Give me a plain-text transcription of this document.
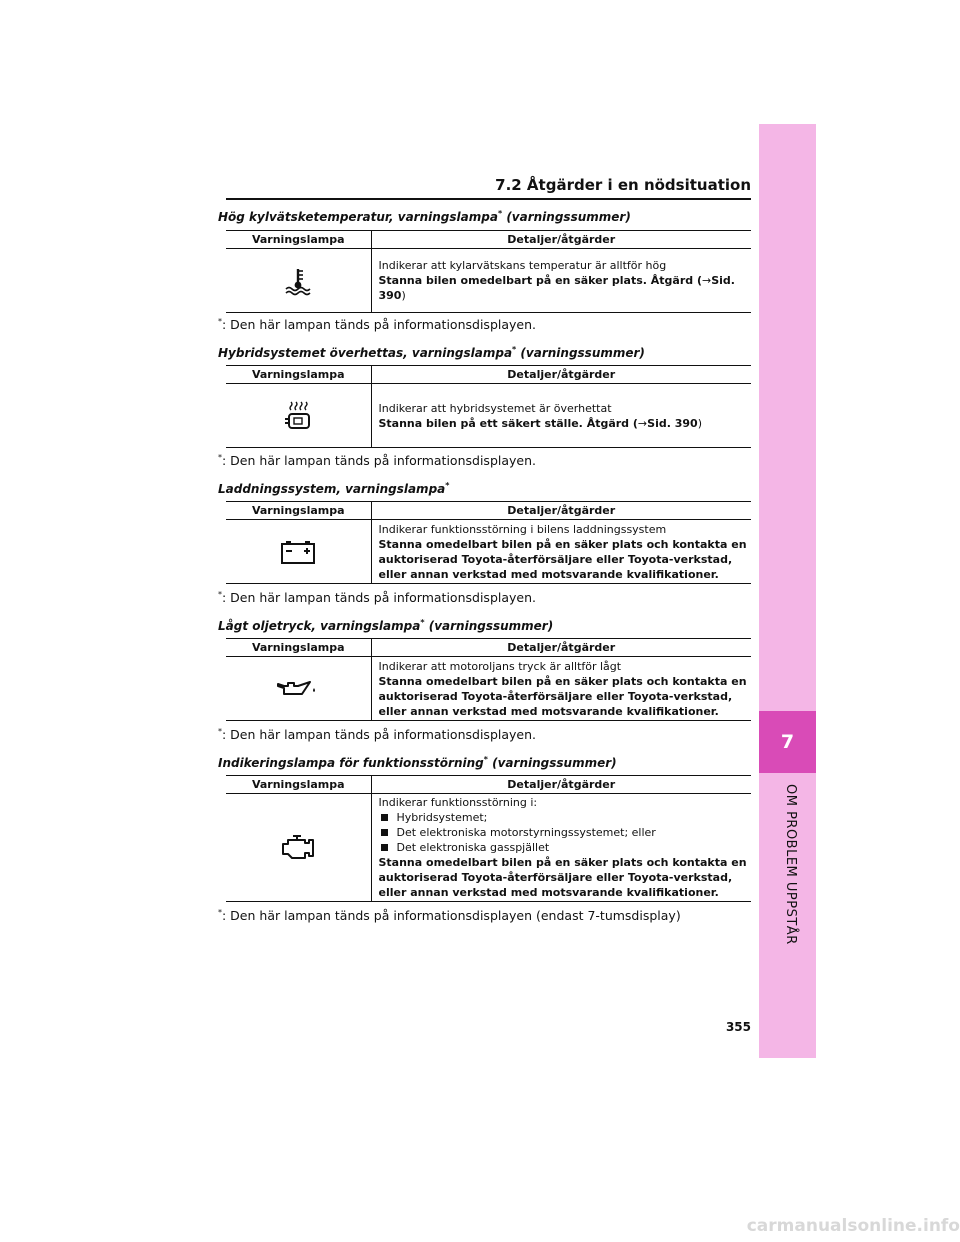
7
OM PROBLEM UPPSTÅR
7.2 Åtgärder i en nödsituation
Hög kylvätsketemperatur, varningslampa* (varningssummer)
Varningslampa	Detaljer/åtgärder
	Indikerar att kylarvätskans temperatur är alltför hög
Stanna bilen omedelbart på en säker plats. Åtgärd (→Sid. 390)
*: Den här lampan tänds på informationsdisplayen.
Hybridsystemet överhettas, varningslampa* (varningssummer)
Varningslampa	Detaljer/åtgärder
	Indikerar att hybridsystemet är överhettat
Stanna bilen på ett säkert ställe. Åtgärd (→Sid. 390)
*: Den här lampan tänds på informationsdisplayen.
Laddningssystem, varningslampa*
Varningslampa	Detaljer/åtgärder
	Indikerar funktionsstörning i bilens laddningssystem
Stanna omedelbart bilen på en säker plats och kontakta en auktoriserad Toyota-återförsäljare eller Toyota-verkstad, eller annan verkstad med motsvarande kvalifikationer.
*: Den här lampan tänds på informationsdisplayen.
Lågt oljetryck, varningslampa* (varningssummer)
Varningslampa	Detaljer/åtgärder
	Indikerar att motoroljans tryck är alltför lågt
Stanna omedelbart bilen på en säker plats och kontakta en auktoriserad Toyota-återförsäljare eller Toyota-verkstad, eller annan verkstad med motsvarande kvalifikationer.
*: Den här lampan tänds på informationsdisplayen.
Indikeringslampa för funktionsstörning* (varningssummer)
Varningslampa	Detaljer/åtgärder
	Indikerar funktionsstörning i:
Hybridsystemet;
Det elektroniska motorstyrningssystemet; eller
Det elektroniska gasspjället
Stanna omedelbart bilen på en säker plats och kontakta en auktoriserad Toyota-återförsäljare eller Toyota-verkstad, eller annan verkstad med motsvarande kvalifikationer.
*: Den här lampan tänds på informationsdisplayen (endast 7-tumsdisplay)
355
carmanualsonline.info
